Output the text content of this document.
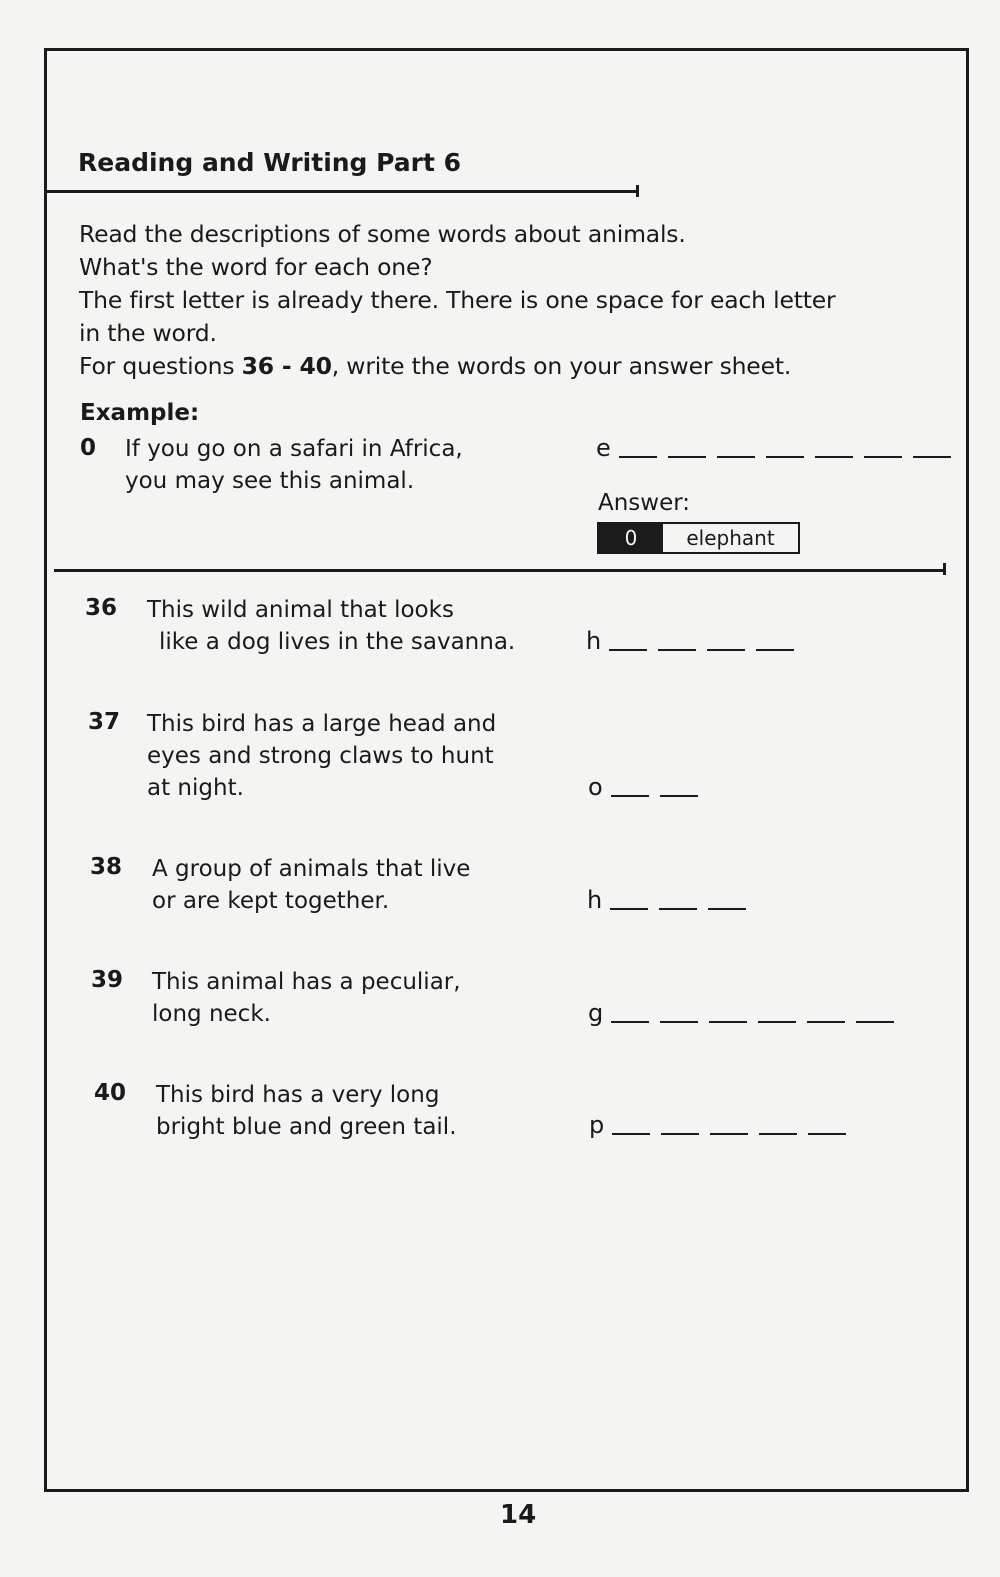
Reading and Writing Part 6
Read the descriptions of some words about animals.
What's the word for each one?
The first letter is already there. There is one space for each letter
in the word.
For questions 36 - 40, write the words on your answer sheet.
Example:
0 If you go on a safari in Africa,
you may see this animal.
e
Answer:
0	elephant
36 This wild animal that looks
like a dog lives in the savanna.	h
37 This bird has a large head and
eyes and strong claws to hunt
at night.	o
38 A group of animals that live
or are kept together.	h
39 This animal has a peculiar,
long neck.	g
40 This bird has a very long
bright blue and green tail.	p
14
